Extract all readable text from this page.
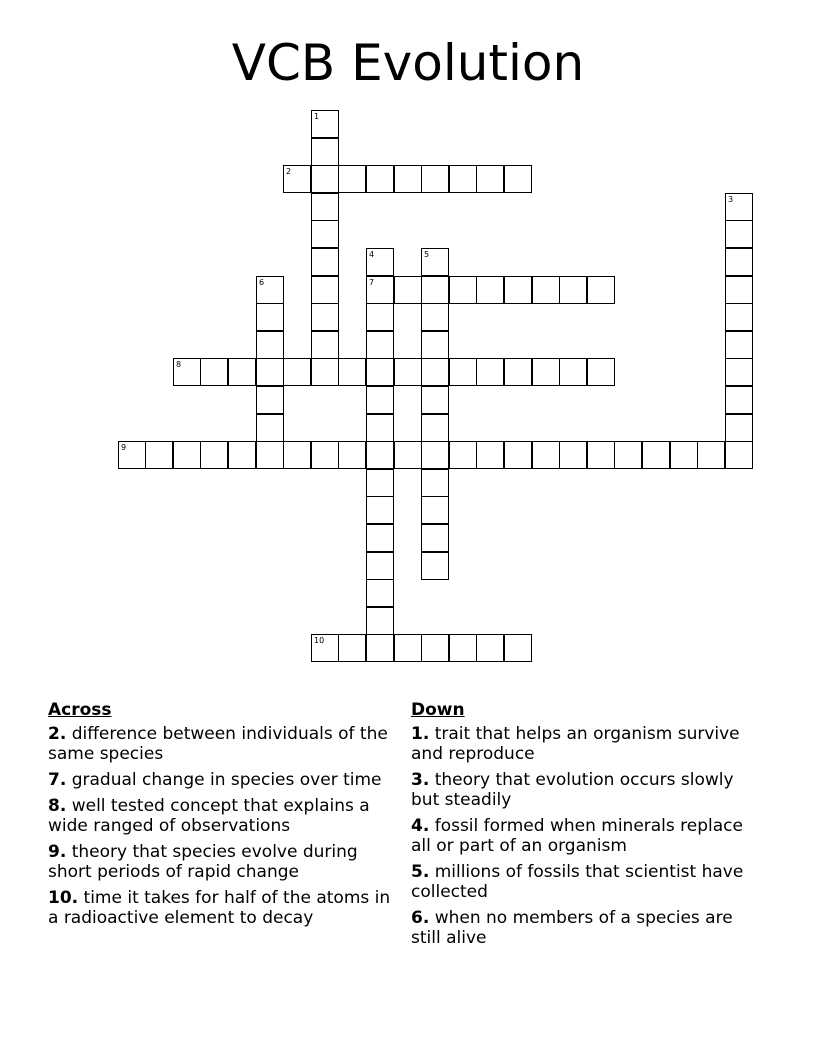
VCB Evolution
1
2
3
4
7
5
6
8
9
10
Across
2. difference between individuals of the same species
7. gradual change in species over time
8. well tested concept that explains a wide ranged of observations
9. theory that species evolve during short periods of rapid change
10. time it takes for half of the atoms in a radioactive element to decay
Down
1. trait that helps an organism survive and reproduce
3. theory that evolution occurs slowly but steadily
4. fossil formed when minerals replace all or part of an organism
5. millions of fossils that scientist have collected
6. when no members of a species are still alive
